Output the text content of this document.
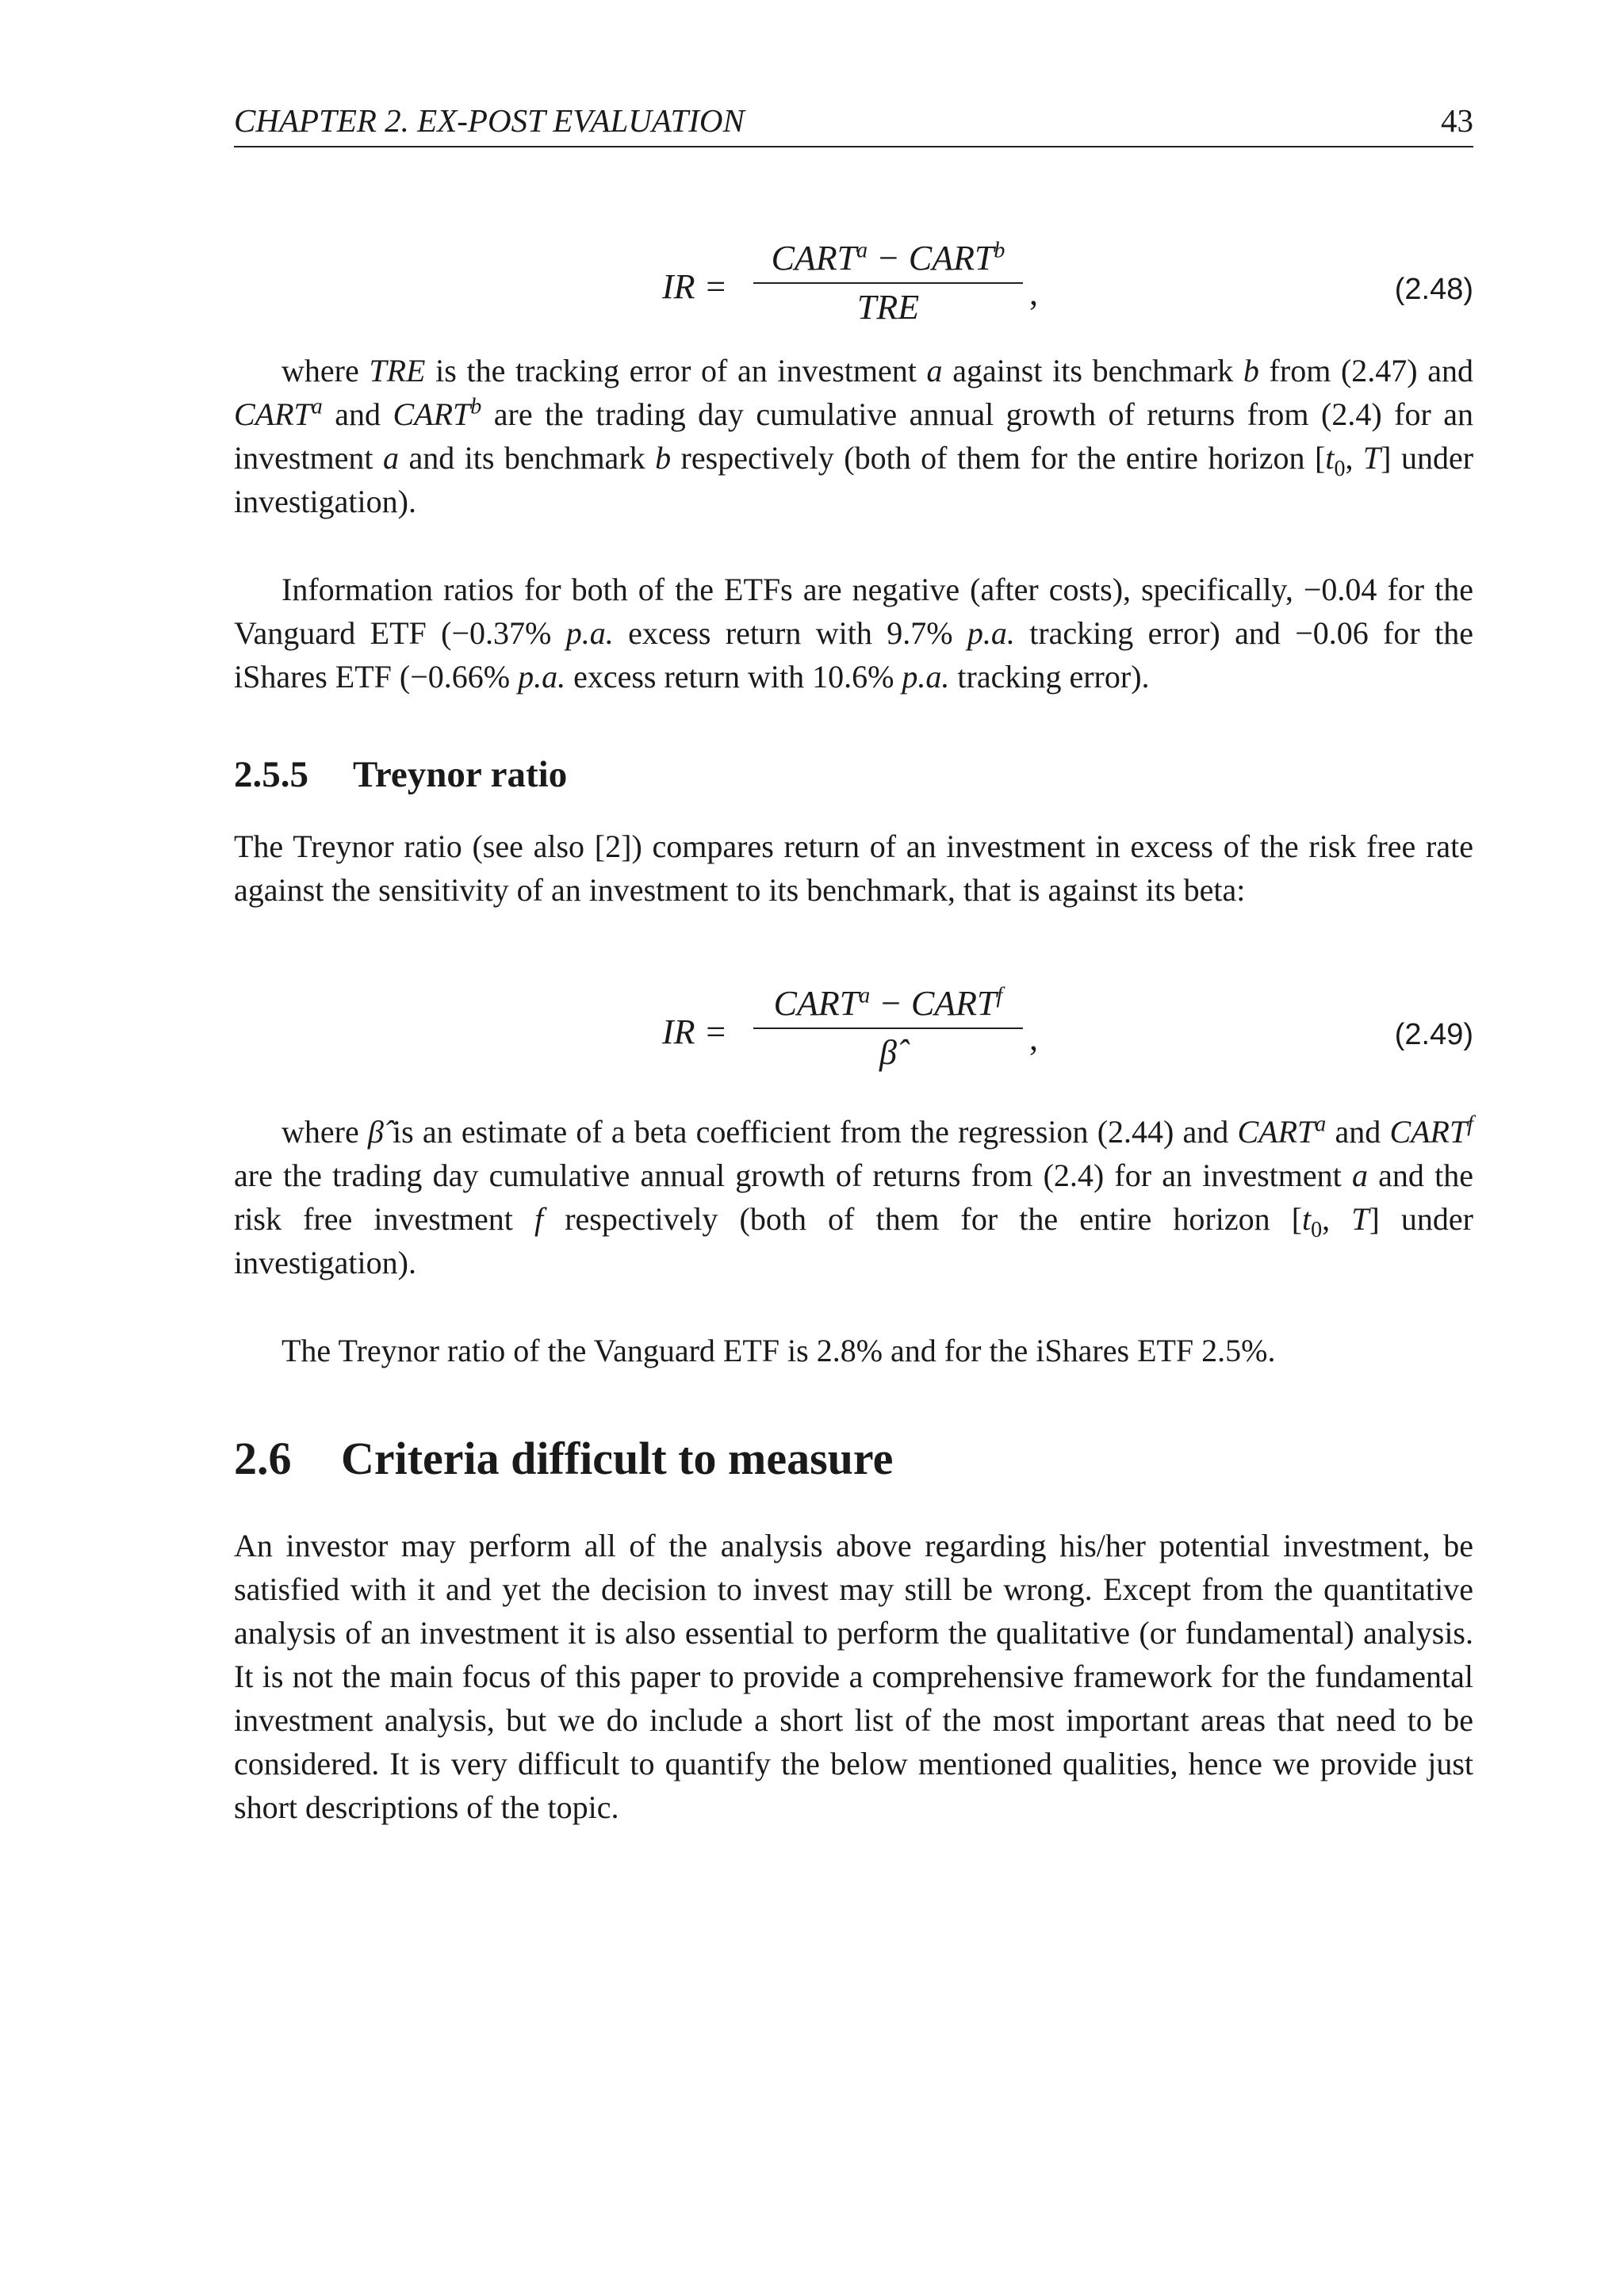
CHAPTER 2. EX-POST EVALUATION	43
IR =
$CART^a$ − $CART^b$
TRE	,	(2.48)

where TRE is the tracking error of an investment a against its benchmark b from (2.47) and CART$^a$ and CART$^b$ are the trading day cumulative annual growth of returns from (2.4) for an investment a and its benchmark b respectively (both of them for the entire horizon [$t_0$, T] under investigation).

Information ratios for both of the ETFs are negative (after costs), specifically, −0.04 for the Vanguard ETF (−0.37% p.a. excess return with 9.7% p.a. tracking error) and −0.06 for the iShares ETF (−0.66% p.a. excess return with 10.6% p.a. tracking error).

2.5.5 Treynor ratio

The Treynor ratio (see also [2]) compares return of an investment in excess of the risk free rate against the sensitivity of an investment to its benchmark, that is against its beta:

IR =
$CART^a$ − $CART^f$
β̂	,	(2.49)

where β̂ is an estimate of a beta coefficient from the regression (2.44) and CART$^a$ and CART$^f$ are the trading day cumulative annual growth of returns from (2.4) for an investment a and the risk free investment f respectively (both of them for the entire horizon [$t_0$, T] under investigation).

The Treynor ratio of the Vanguard ETF is 2.8% and for the iShares ETF 2.5%.

2.6 Criteria difficult to measure

An investor may perform all of the analysis above regarding his/her potential investment, be satisfied with it and yet the decision to invest may still be wrong. Except from the quantitative analysis of an investment it is also essential to perform the qualitative (or fundamental) analysis. It is not the main focus of this paper to provide a comprehensive framework for the fundamental investment analysis, but we do include a short list of the most important areas that need to be considered. It is very difficult to quantify the below mentioned qualities, hence we provide just short descriptions of the topic.
